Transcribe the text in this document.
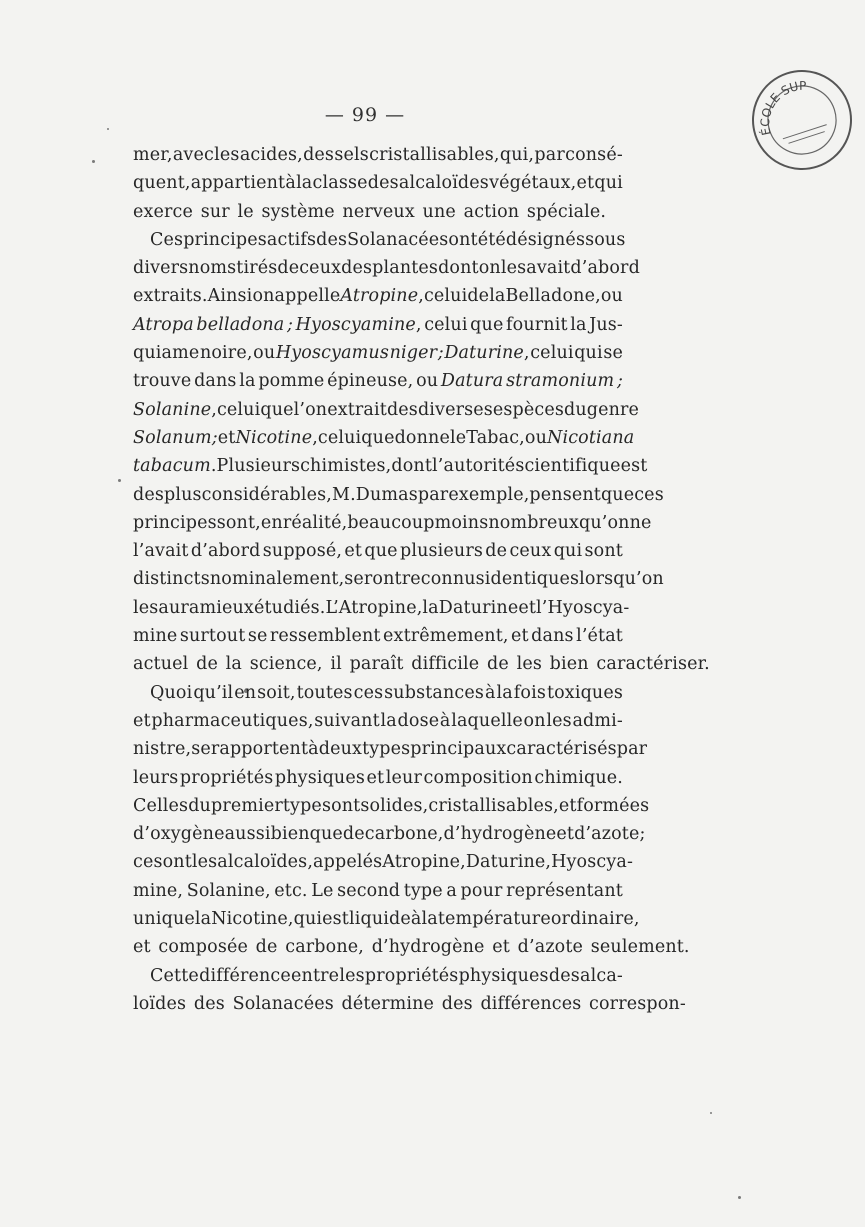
— 99 —
ÉCOLE SUP
mer, avec les acides, des sels cristallisables, qui, par consé-
quent, appartient à la classe des alcaloïdes végétaux, et qui
exerce sur le système nerveux une action spéciale.
Ces principes actifs des Solanacées ont été désignés sous
divers noms tirés de ceux des plantes dont on les avait d’abord
extraits. Ainsi on appelle Atropine, celui de la Belladone, ou
Atropa belladona ; Hyoscyamine, celui que fournit la Jus-
quiame noire, ou Hyoscyamus niger ; Daturine, celui qui se
trouve dans la pomme épineuse, ou Datura stramonium ;
Solanine, celui que l’on extrait des diverses espèces du genre
Solanum ; et Nicotine, celui que donne le Tabac, ou Nicotiana
tabacum. Plusieurs chimistes, dont l’autorité scientifique est
des plus considérables, M. Dumas par exemple, pensent que ces
principes sont, en réalité, beaucoup moins nombreux qu’on ne
l’avait d’abord supposé, et que plusieurs de ceux qui sont
distincts nominalement, seront reconnus identiques lorsqu’on
les aura mieux étudiés. L’Atropine, la Daturine et l’Hyoscya-
mine surtout se ressemblent extrêmement, et dans l’état
actuel de la science, il paraît difficile de les bien caractériser.
Quoi qu’il en soit, toutes ces substances à la fois toxiques
et pharmaceutiques, suivant la dose à laquelle on les admi-
nistre, se rapportent à deux types principaux caractérisés par
leurs propriétés physiques et leur composition chimique.
Celles du premier type sont solides, cristallisables, et formées
d’oxygène aussi bien que de carbone, d’hydrogène et d’azote ;
ce sont les alcaloïdes, appelés Atropine, Daturine, Hyoscya-
mine, Solanine, etc. Le second type a pour représentant
unique la Nicotine, qui est liquide à la température ordinaire,
et composée de carbone, d’hydrogène et d’azote seulement.
Cette différence entre les propriétés physiques des alca-
loïdes des Solanacées détermine des différences correspon-
